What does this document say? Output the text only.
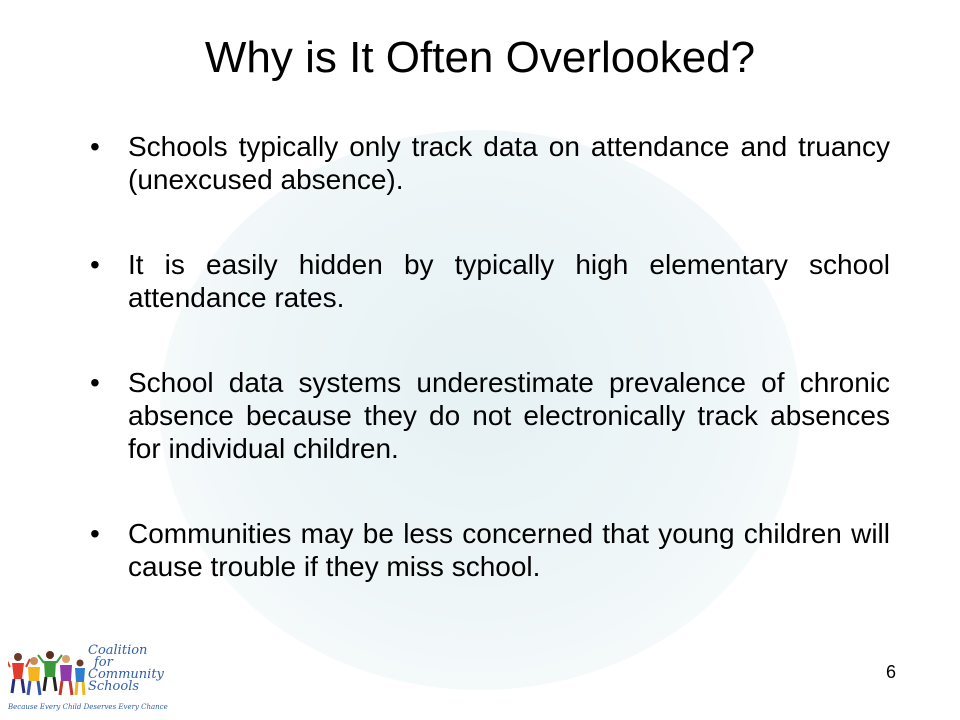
Why is It Often Overlooked?
• Schools typically only track data on attendance and truancy (unexcused absence).
• It is easily hidden by typically high elementary school attendance rates.
• School data systems underestimate prevalence of chronic absence because they do not electronically track absences for individual children.
• Communities may be less concerned that young children will cause trouble if they miss school.
Coalition
for
Community
Schools
Because Every Child Deserves Every Chance
6
